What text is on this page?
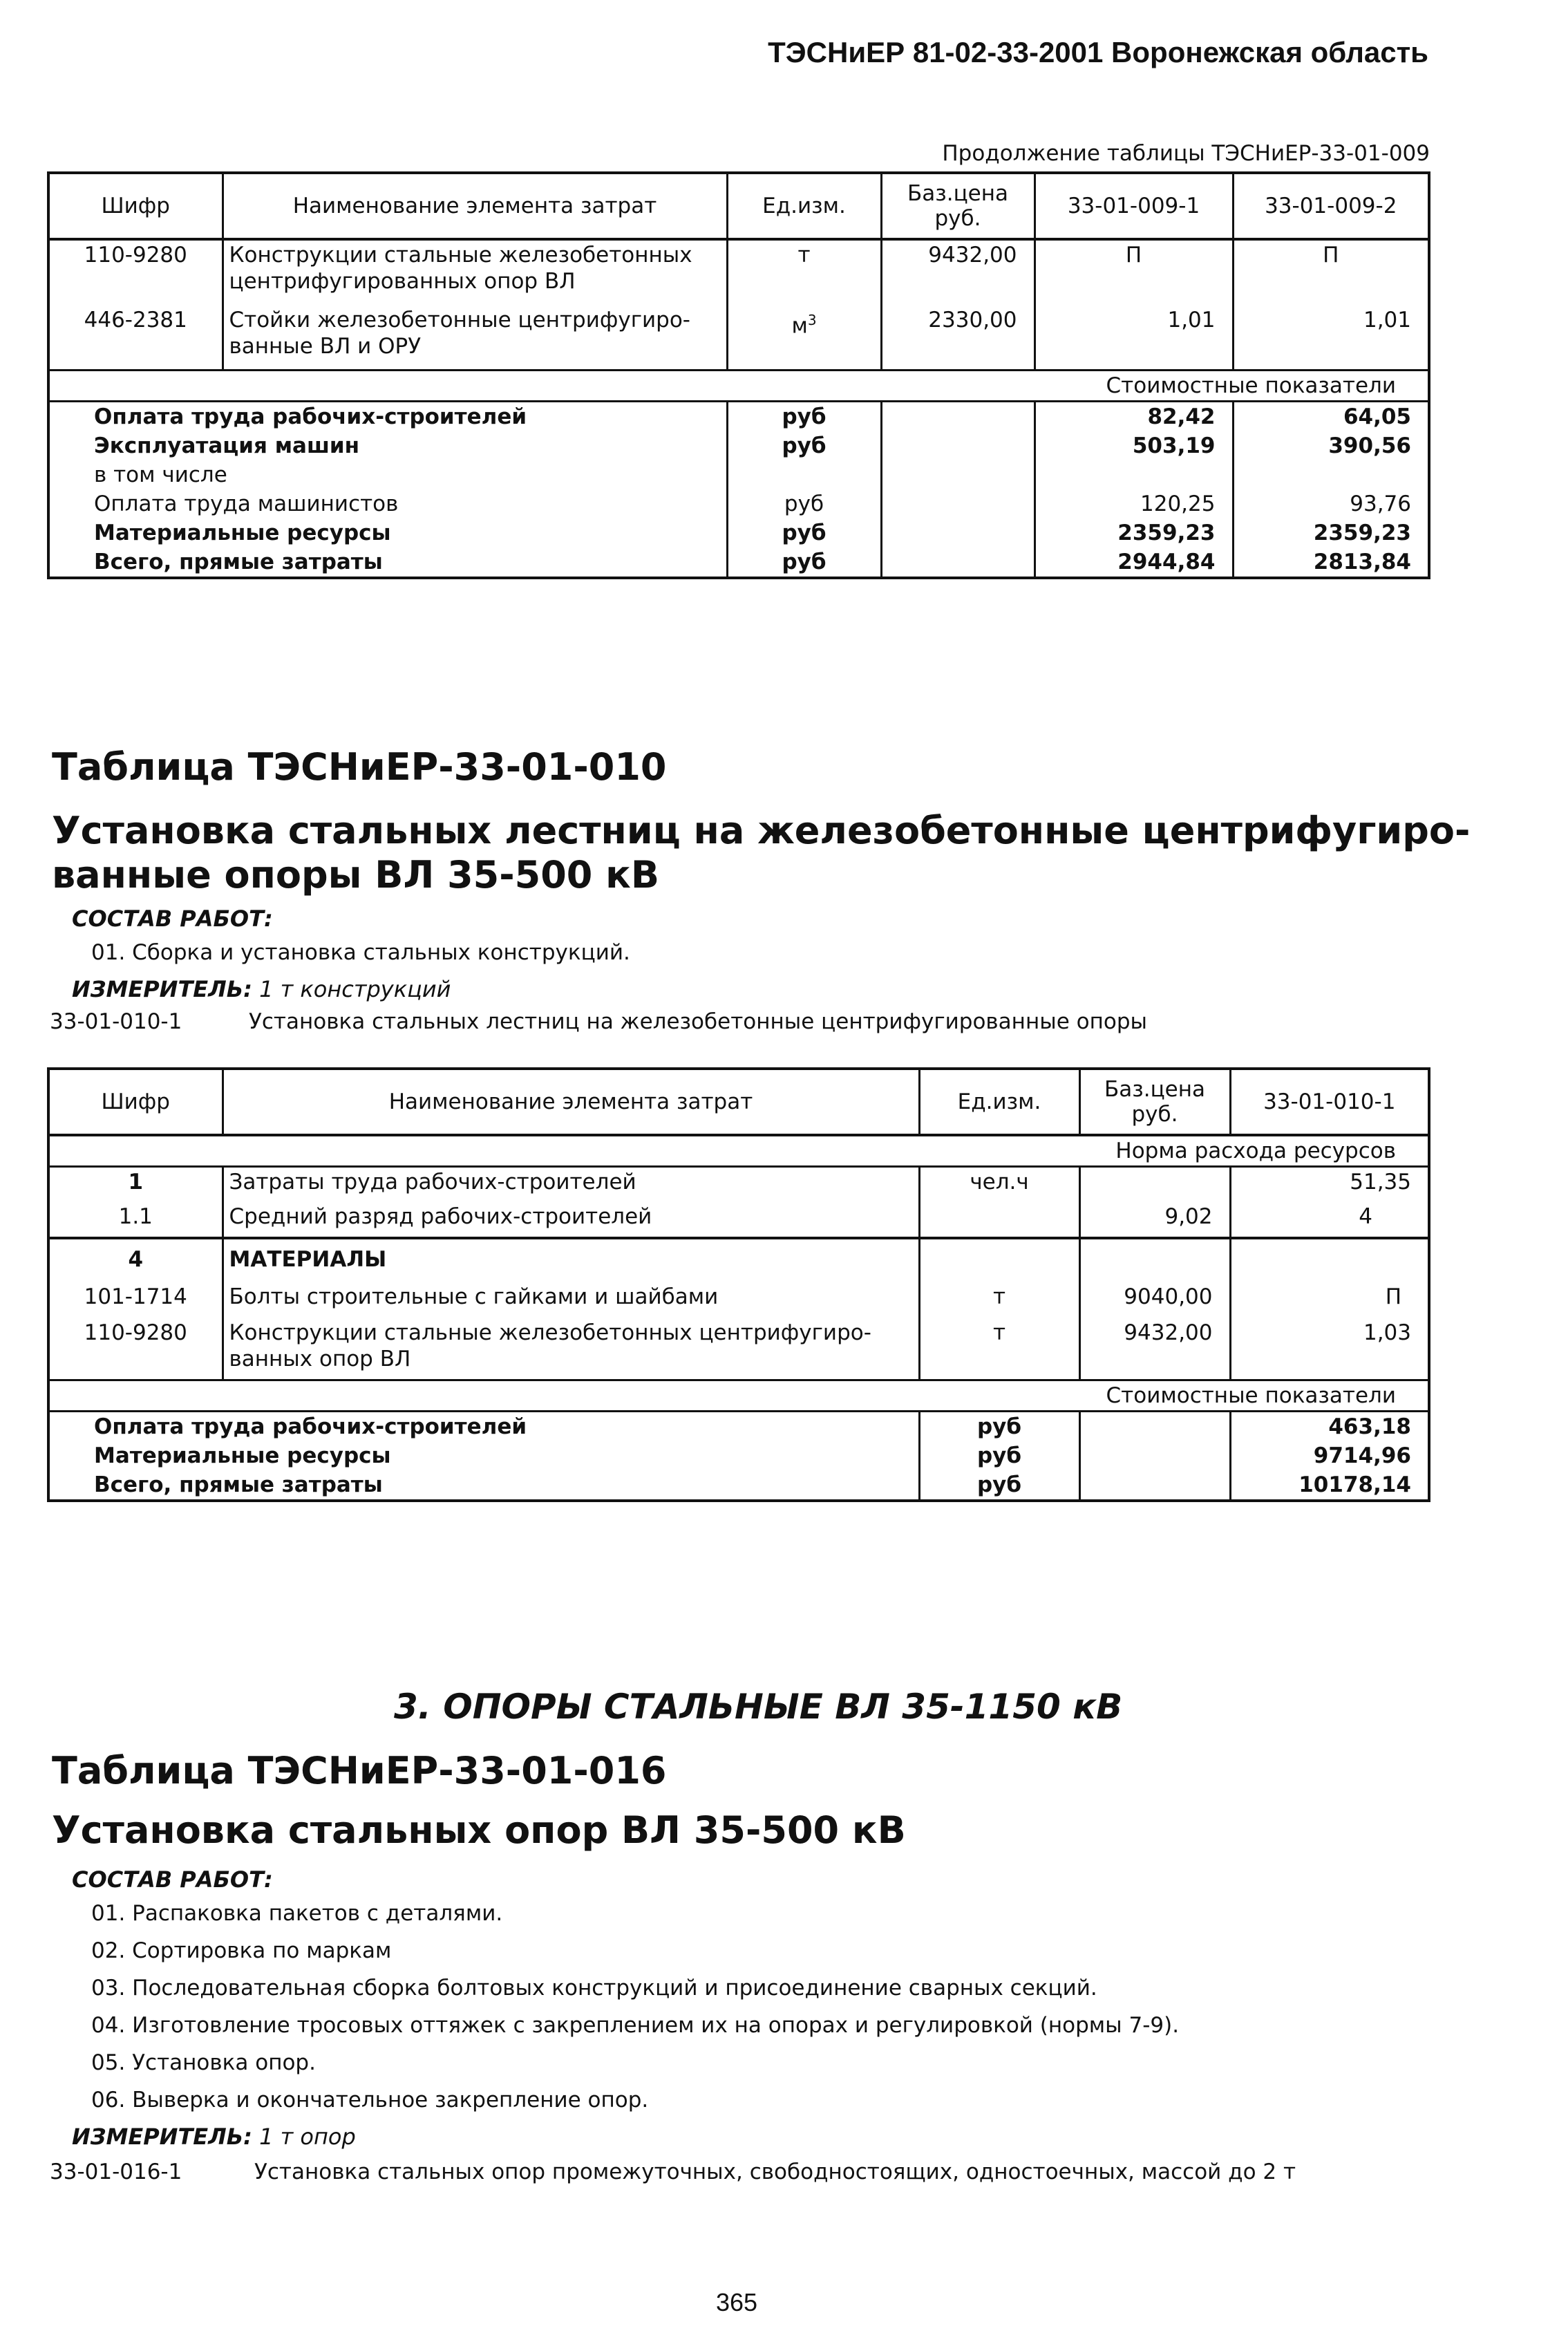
ТЭСНиЕР 81-02-33-2001 Воронежская область
Продолжение таблицы ТЭСНиЕР-33-01-009
Шифр	Наименование элемента затрат	Ед.изм.	Баз.цена руб.	33-01-009-1	33-01-009-2
110-9280	Конструкции стальные железобетонных центрифугированных опор ВЛ	т	9432,00	П	П
446-2381	Стойки железобетонные центрифугиро-ванные ВЛ и ОРУ	$м^3$	2330,00	1,01	1,01
Стоимостные показатели					
Оплата труда рабочих-строителей		руб		82,42	64,05
Эксплуатация машин		руб		503,19	390,56
в том числе					
Оплата труда машинистов		руб		120,25	93,76
Материальные ресурсы		руб		2359,23	2359,23
Всего, прямые затраты		руб		2944,84	2813,84
Таблица ТЭСНиЕР-33-01-010
Установка стальных лестниц на железобетонные центрифугиро-
ванные опоры ВЛ 35-500 кВ
СОСТАВ РАБОТ:
01. Сборка и установка стальных конструкций.
ИЗМЕРИТЕЛЬ: 1 т конструкций
33-01-010-1	Установка стальных лестниц на железобетонные центрифугированные опоры
Шифр	Наименование элемента затрат	Ед.изм.	Баз.цена руб.	33-01-010-1
Норма расхода ресурсов				
1	Затраты труда рабочих-строителей	чел.ч		51,35
1.1	Средний разряд рабочих-строителей		9,02	4
4	МАТЕРИАЛЫ			
101-1714	Болты строительные с гайками и шайбами	т	9040,00	П
110-9280	Конструкции стальные железобетонных центрифугиро-ванных опор ВЛ	т	9432,00	1,03
Стоимостные показатели				
Оплата труда рабочих-строителей		руб		463,18
Материальные ресурсы		руб		9714,96
Всего, прямые затраты		руб		10178,14
3. ОПОРЫ СТАЛЬНЫЕ ВЛ 35-1150 кВ
Таблица ТЭСНиЕР-33-01-016
Установка стальных опор ВЛ 35-500 кВ
СОСТАВ РАБОТ:
01. Распаковка пакетов с деталями.
02. Сортировка по маркам
03. Последовательная сборка болтовых конструкций и присоединение сварных секций.
04. Изготовление тросовых оттяжек с закреплением их на опорах и регулировкой (нормы 7-9).
05. Установка опор.
06. Выверка и окончательное закрепление опор.
ИЗМЕРИТЕЛЬ: 1 т опор
33-01-016-1	Установка стальных опор промежуточных, свободностоящих, одностоечных, массой до 2 т
365
